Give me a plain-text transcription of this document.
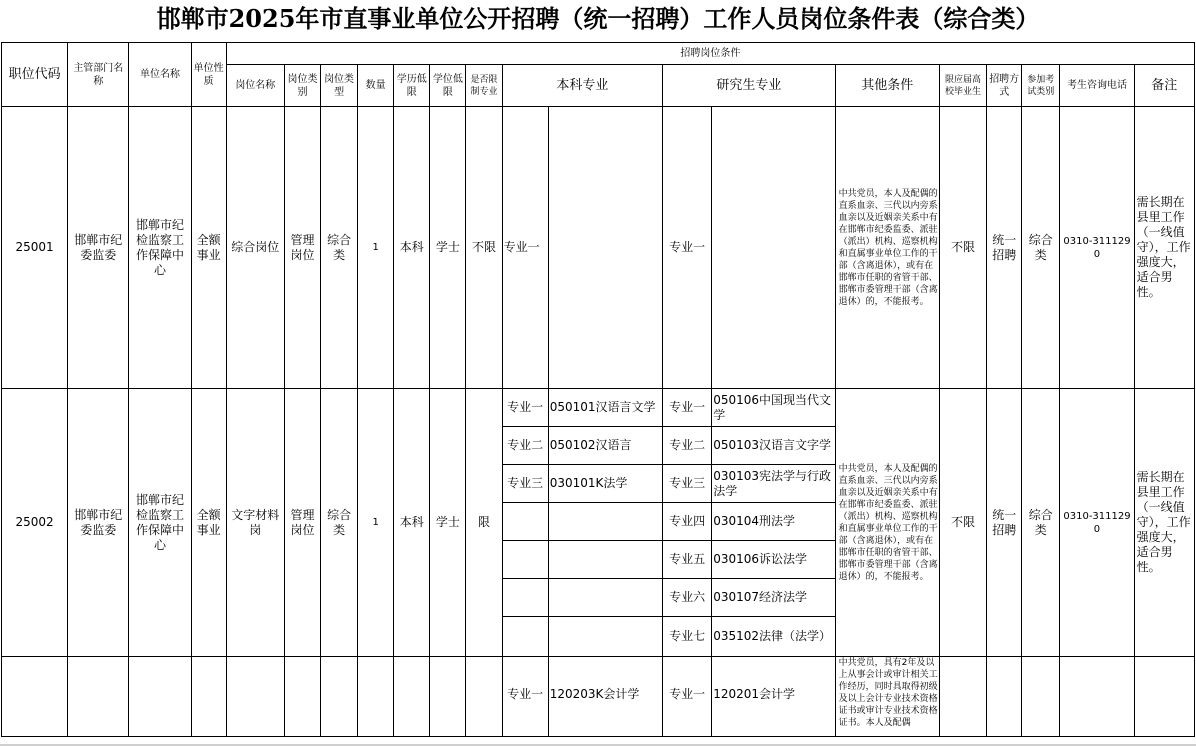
邯郸市2025年市直事业单位公开招聘（统一招聘）工作人员岗位条件表（综合类）
职位代码	主管部门名称	单位名称	单位性质	招聘岗位条件																
				岗位名称	岗位类别	岗位类型	数量	学历低限	学位低限	是否限制专业	本科专业		研究生专业		其他条件	限应届高校毕业生	招聘方式	参加考试类别	考生咨询电话	备注
25001	邯郸市纪委监委	邯郸市纪检监察工作保障中心	全额事业	综合岗位	管理岗位	综合类	1	本科	学士	不限	专业一		专业一		中共党员，本人及配偶的直系血亲、三代以内旁系血亲以及近姻亲关系中有在邯郸市纪委监委、派驻（派出）机构、巡察机构和直属事业单位工作的干部（含离退休），或有在邯郸市任职的省管干部、邯郸市委管理干部（含离退休）的，不能报考。	不限	统一招聘	综合类	0310-3111290	需长期在县里工作（一线值守），工作强度大，适合男性。
25002	邯郸市纪委监委	邯郸市纪检监察工作保障中心	全额事业	文字材料岗	管理岗位	综合类	1	本科	学士	限	专业一	050101汉语言文学	专业一	050106中国现当代文学	中共党员，本人及配偶的直系血亲、三代以内旁系血亲以及近姻亲关系中有在邯郸市纪委监委、派驻（派出）机构、巡察机构和直属事业单位工作的干部（含离退休），或有在邯郸市任职的省管干部、邯郸市委管理干部（含离退休）的，不能报考。	不限	统一招聘	综合类	0310-3111290	需长期在县里工作（一线值守），工作强度大，适合男性。
											专业二	050102汉语言	专业二	050103汉语言文字学						
											专业三	030101K法学	专业三	030103宪法学与行政法学						
													专业四	030104刑法学						
													专业五	030106诉讼法学						
													专业六	030107经济法学						
													专业七	035102法律（法学）						
											专业一	120203K会计学	专业一	120201会计学	中共党员，具有2年及以上从事会计或审计相关工作经历，同时具取得初级及以上会计专业技术资格证书或审计专业技术资格证书。本人及配偶					
